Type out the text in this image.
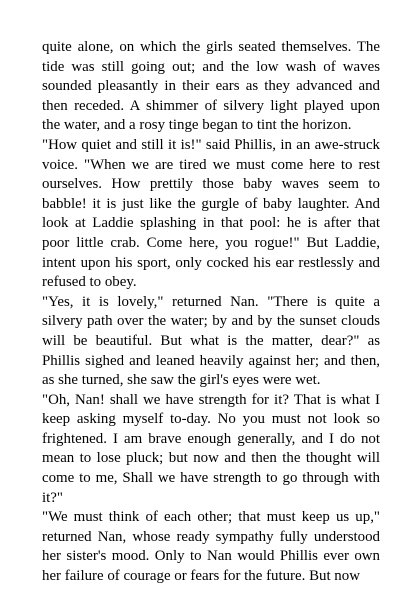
quite alone, on which the girls seated themselves. The tide was still going out; and the low wash of waves sounded pleasantly in their ears as they advanced and then receded. A shimmer of silvery light played upon the water, and a rosy tinge began to tint the horizon.

"How quiet and still it is!" said Phillis, in an awe-struck voice. "When we are tired we must come here to rest ourselves. How prettily those baby waves seem to babble! it is just like the gurgle of baby laughter. And look at Laddie splashing in that pool: he is after that poor little crab. Come here, you rogue!" But Laddie, intent upon his sport, only cocked his ear restlessly and refused to obey.

"Yes, it is lovely," returned Nan. "There is quite a silvery path over the water; by and by the sunset clouds will be beautiful. But what is the matter, dear?" as Phillis sighed and leaned heavily against her; and then, as she turned, she saw the girl's eyes were wet.

"Oh, Nan! shall we have strength for it? That is what I keep asking myself to-day. No you must not look so frightened. I am brave enough generally, and I do not mean to lose pluck; but now and then the thought will come to me, Shall we have strength to go through with it?"

"We must think of each other; that must keep us up," returned Nan, whose ready sympathy fully understood her sister's mood. Only to Nan would Phillis ever own her failure of courage or fears for the future. But now
